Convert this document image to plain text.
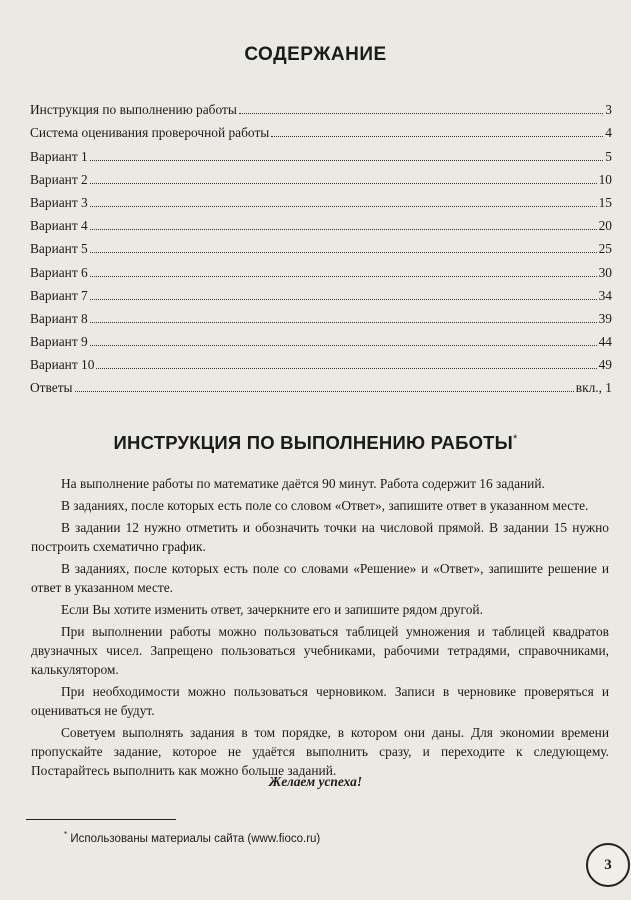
СОДЕРЖАНИЕ
Инструкция по выполнению работы	3
Система оценивания проверочной работы	4
Вариант 1	5
Вариант 2	10
Вариант 3	15
Вариант 4	20
Вариант 5	25
Вариант 6	30
Вариант 7	34
Вариант 8	39
Вариант 9	44
Вариант 10	49
Ответы	вкл., 1
ИНСТРУКЦИЯ ПО ВЫПОЛНЕНИЮ РАБОТЫ*

На выполнение работы по математике даётся 90 минут. Работа содержит 16 заданий.

В заданиях, после которых есть поле со словом «Ответ», запишите ответ в указанном месте.

В задании 12 нужно отметить и обозначить точки на числовой прямой. В задании 15 нужно построить схематично график.

В заданиях, после которых есть поле со словами «Решение» и «Ответ», запишите решение и ответ в указанном месте.

Если Вы хотите изменить ответ, зачеркните его и запишите рядом другой.

При выполнении работы можно пользоваться таблицей умножения и таблицей квадратов двузначных чисел. Запрещено пользоваться учебниками, рабочими тетрадями, справочниками, калькулятором.

При необходимости можно пользоваться черновиком. Записи в черновике проверяться и оцениваться не будут.

Советуем выполнять задания в том порядке, в котором они даны. Для экономии времени пропускайте задание, которое не удаётся выполнить сразу, и переходите к следующему. Постарайтесь выполнить как можно больше заданий.

Желаем успеха!

* Использованы материалы сайта (www.fioco.ru)

3
